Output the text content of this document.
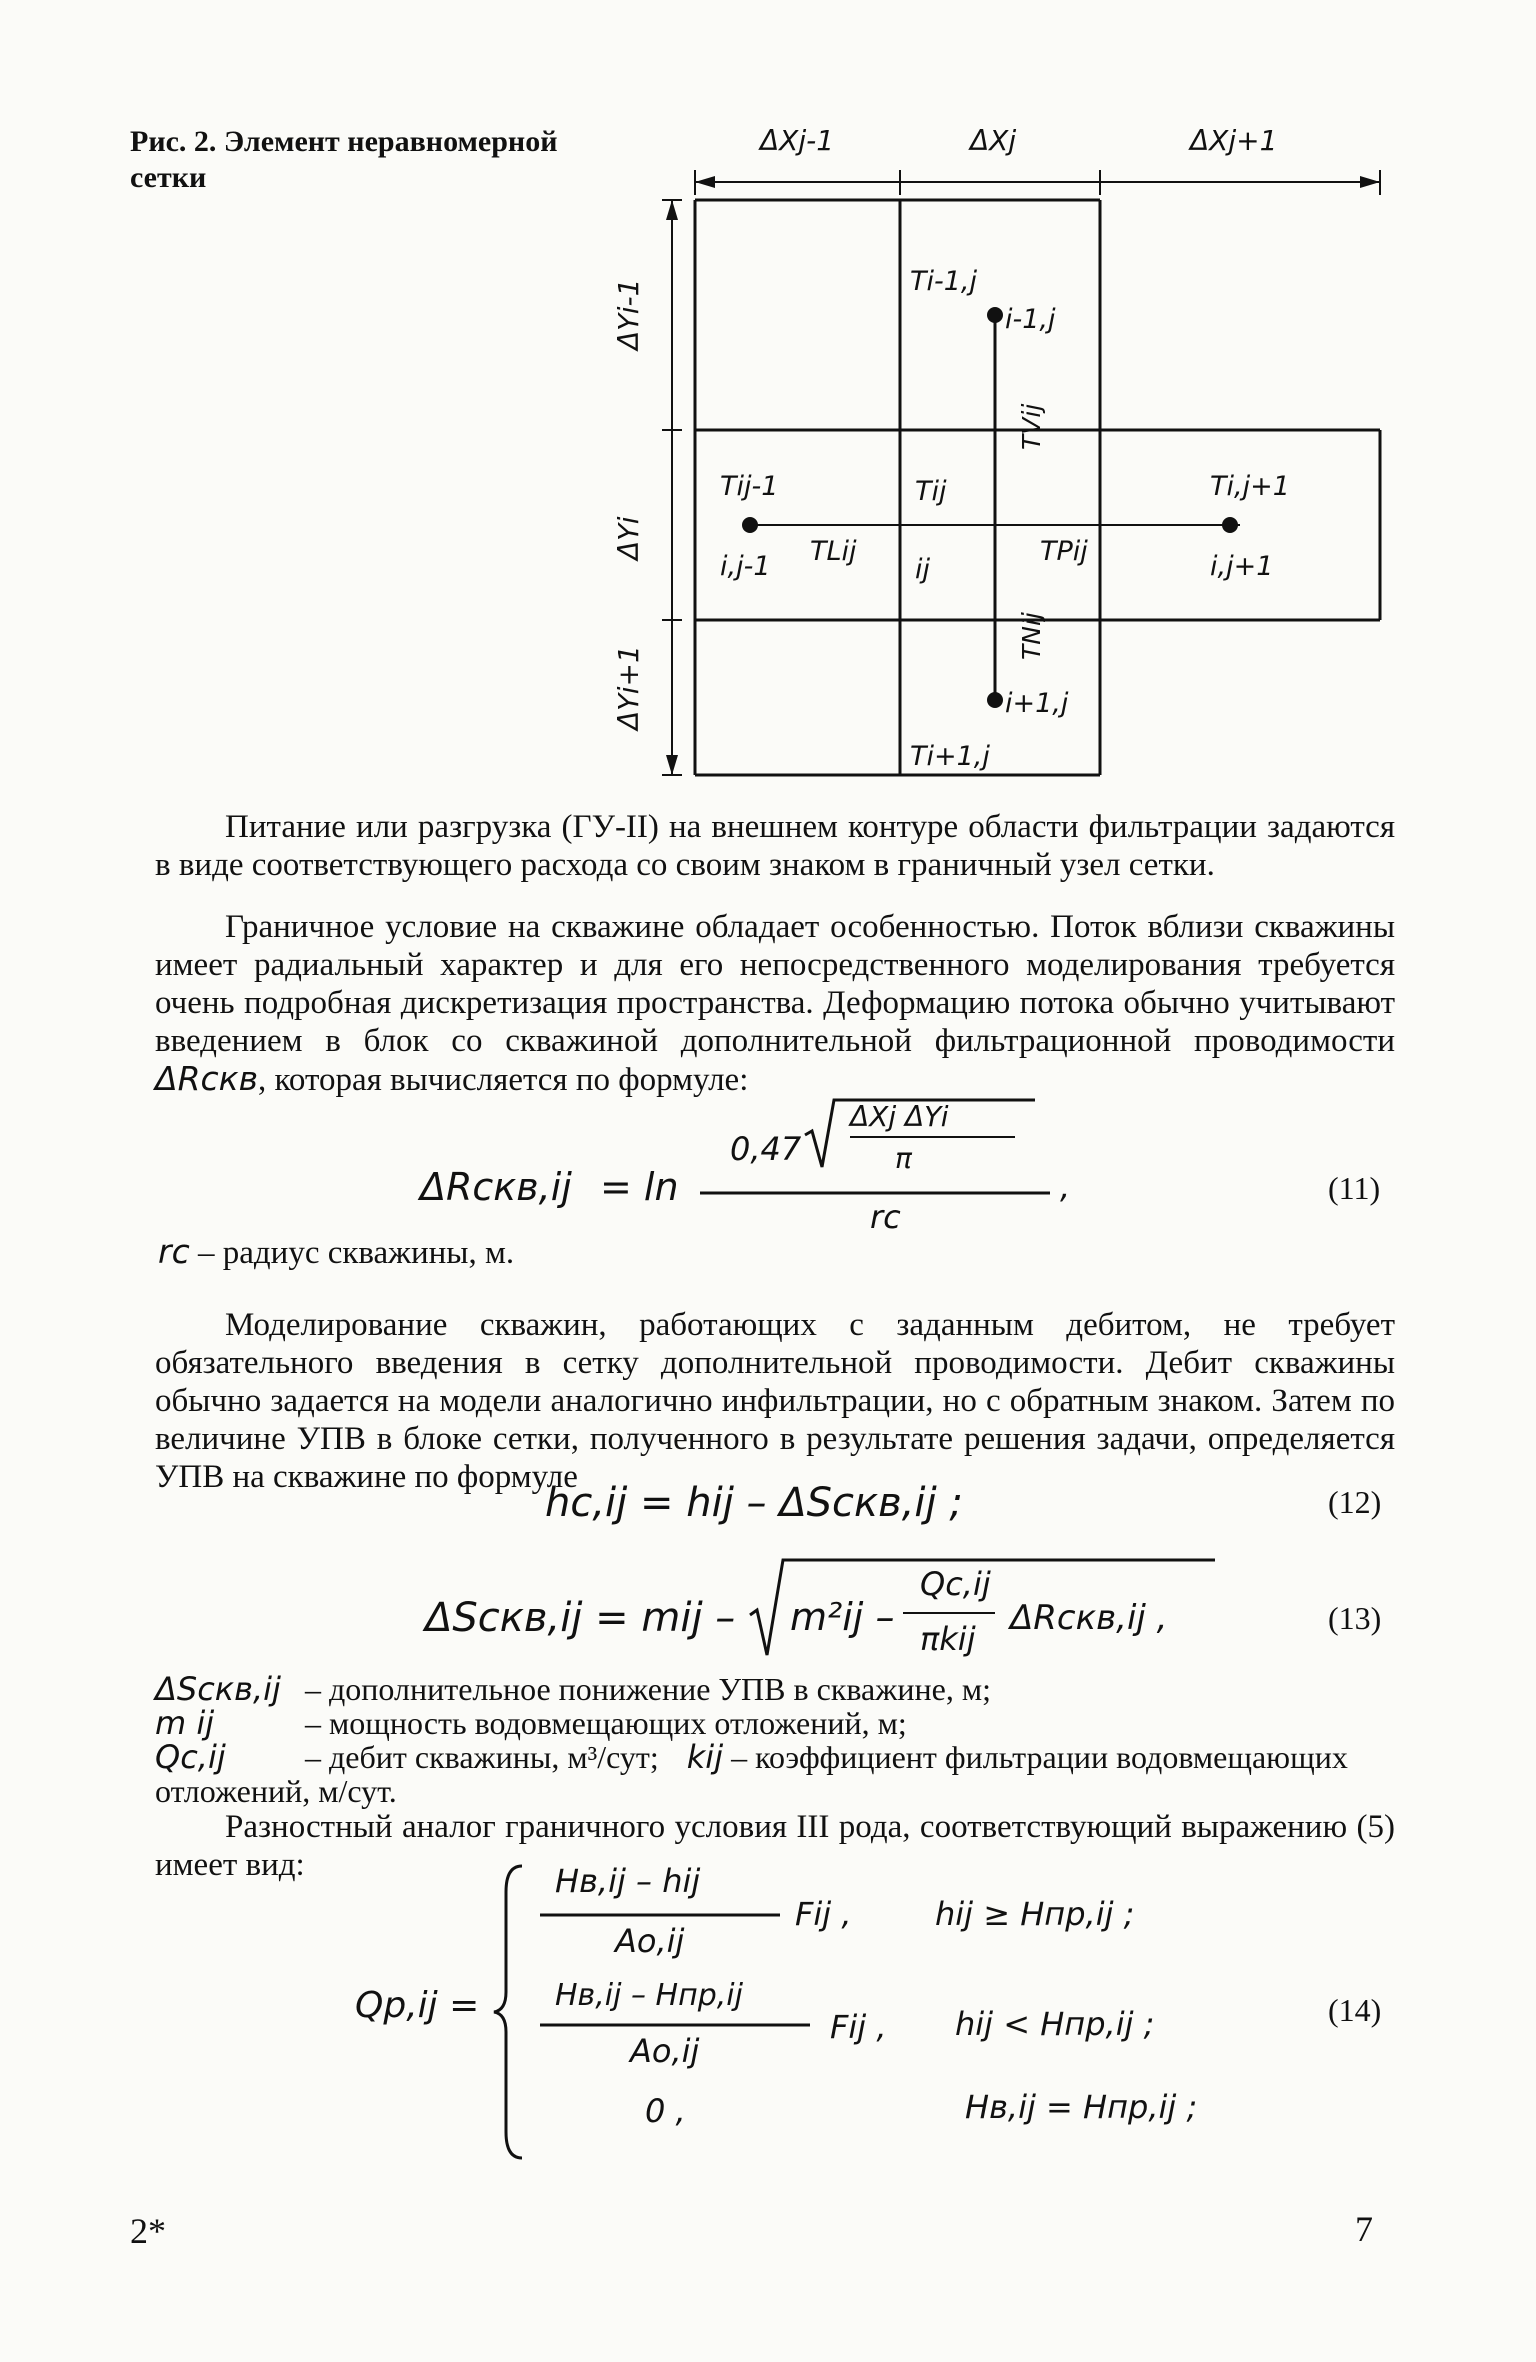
Рис. 2. Элемент неравномерной сетки
ΔXj-1	ΔXj	ΔXj+1
ΔYi-1
ΔYi
ΔYi+1
Ti-1,j
i-1,j
TVij
Tij-1
i,j-1 TLij
Tij
ij
TPij
Ti,j+1
i,j+1
TNij
i+1,j
Ti+1,j
Питание или разгрузка (ГУ-II) на внешнем контуре области фильтрации задаются в виде соответствующего расхода со своим знаком в граничный узел сетки.
Граничное условие на скважине обладает особенностью. Поток вблизи скважины имеет радиальный характер и для его непосредственного моделирования требуется очень подробная дискретизация пространства. Деформацию потока обычно учитывают введением в блок со скважиной дополнительной фильтрационной проводимости ΔRскв, которая вычисляется по формуле:
ΔRскв,ij = ln
0,47
ΔXj ΔYi
π
rc
,	(11)
rc – радиус скважины, м.
Моделирование скважин, работающих с заданным дебитом, не требует обязательного введения в сетку дополнительной проводимости. Дебит скважины обычно задается на модели аналогично инфильтрации, но с обратным знаком. Затем по величине УПВ в блоке сетки, полученного в результате решения задачи, определяется УПВ на скважине по формуле
hc,ij = hij – ΔSскв,ij ;	(12)
ΔSскв,ij = mij – m²ij –
Qc,ij
πkij
ΔRскв,ij ,	(13)
ΔSскв,ij – дополнительное понижение УПВ в скважине, м;
m ij	– мощность водовмещающих отложений, м;
Qc,ij – дебит скважины, м³/сут; kij – коэффициент фильтрации водовмещающих отложений, м/сут.
Разностный аналог граничного условия III рода, соответствующий выражению (5) имеет вид:
Qp,ij =
Hв,ij – hij
Ao,ij
Fij ,	hij ≥ Hпр,ij ;
Hв,ij – Hпр,ij
Ao,ij
Fij , hij < Hпр,ij ;	(14)
0 ,	Hв,ij = Hпр,ij ;
2*	7
